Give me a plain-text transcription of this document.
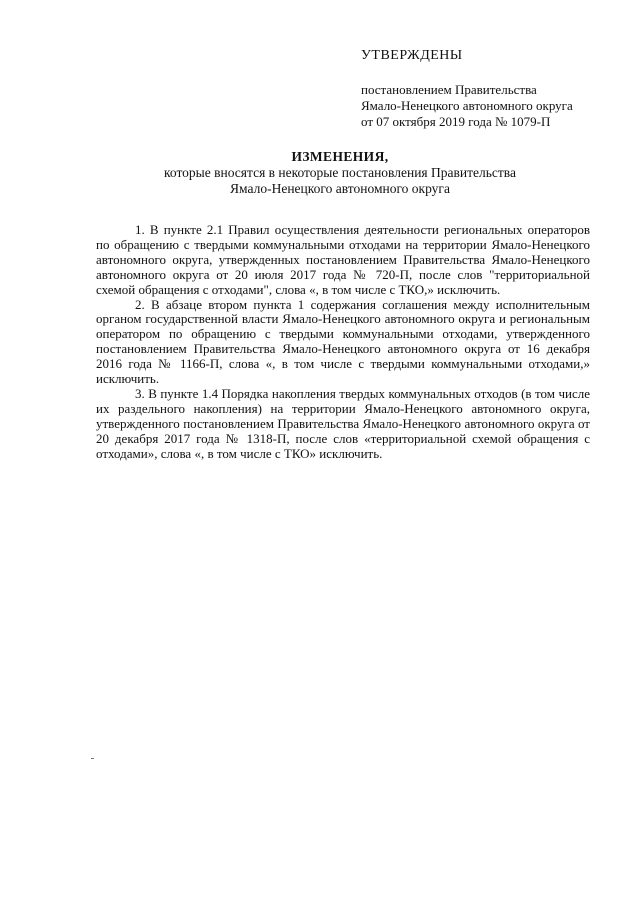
УТВЕРЖДЕНЫ
постановлением Правительства
Ямало-Ненецкого автономного округа
от 07 октября 2019 года № 1079-П
ИЗМЕНЕНИЯ,
которые вносятся в некоторые постановления Правительства
Ямало-Ненецкого автономного округа

1. В пункте 2.1 Правил осуществления деятельности региональных операторов по обращению с твердыми коммунальными отходами на территории Ямало-Ненецкого автономного округа, утвержденных постановлением Правительства Ямало-Ненецкого автономного округа от 20 июля 2017 года № 720-П, после слов "территориальной схемой обращения с отходами", слова «, в том числе с ТКО,» исключить.

2. В абзаце втором пункта 1 содержания соглашения между исполнительным органом государственной власти Ямало-Ненецкого автономного округа и региональным оператором по обращению с твердыми коммунальными отходами, утвержденного постановлением Правительства Ямало-Ненецкого автономного округа от 16 декабря 2016 года № 1166-П, слова «, в том числе с твердыми коммунальными отходами,» исключить.

3. В пункте 1.4 Порядка накопления твердых коммунальных отходов (в том числе их раздельного накопления) на территории Ямало-Ненецкого автономного округа, утвержденного постановлением Правительства Ямало-Ненецкого автономного округа от 20 декабря 2017 года № 1318-П, после слов «территориальной схемой обращения с отходами», слова «, в том числе с ТКО» исключить.
